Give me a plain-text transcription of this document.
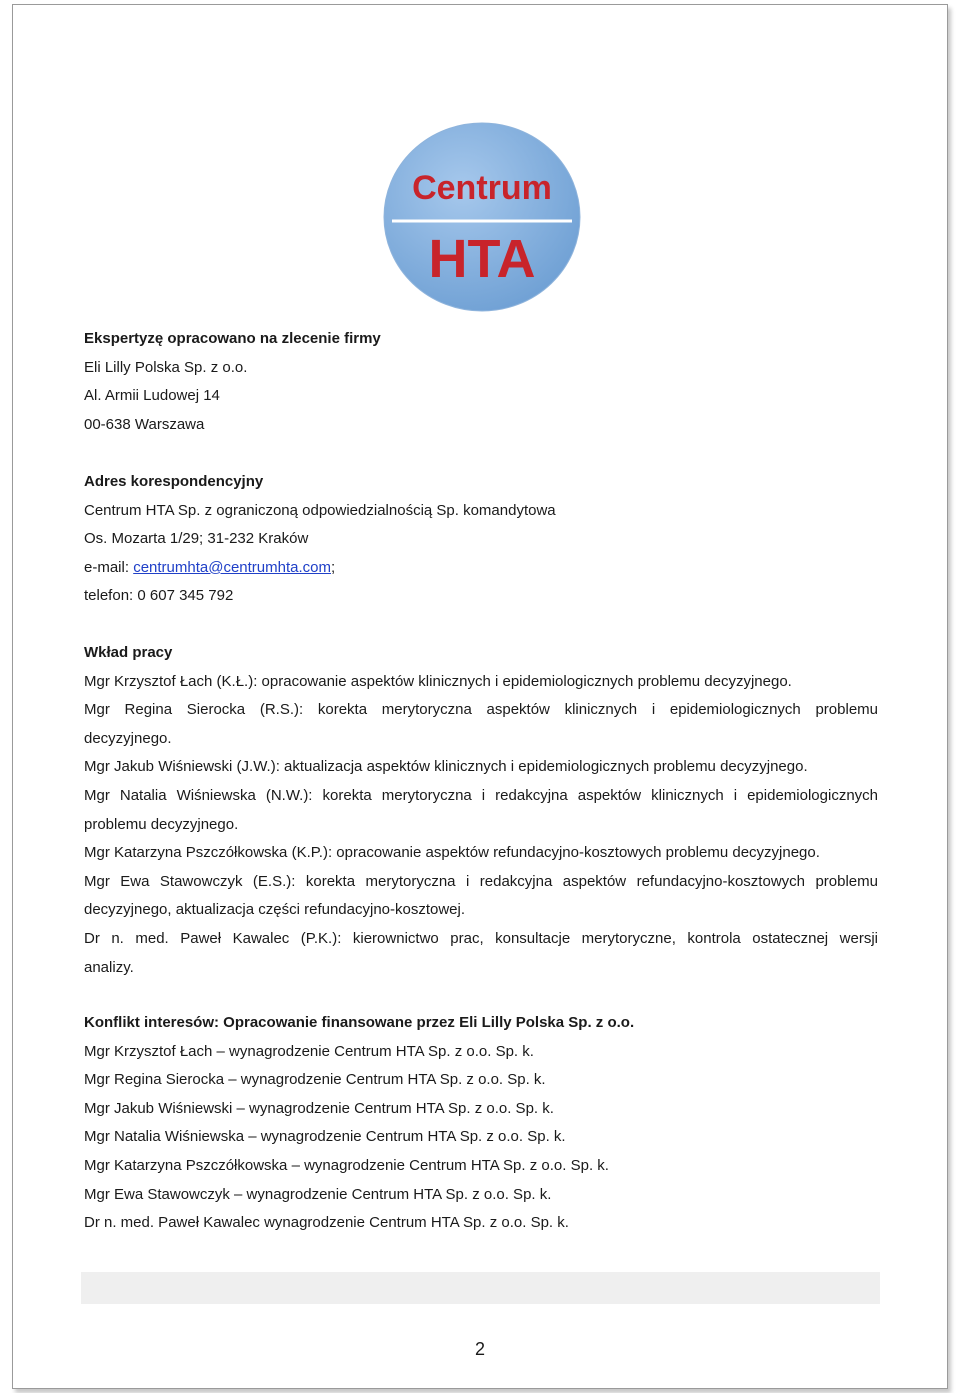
Centrum
HTA
Ekspertyzę opracowano na zlecenie firmy
Eli Lilly Polska Sp. z o.o.
Al. Armii Ludowej 14
00-638 Warszawa
Adres korespondencyjny
Centrum HTA Sp. z ograniczoną odpowiedzialnością Sp. komandytowa
Os. Mozarta 1/29; 31-232 Kraków
e-mail: centrumhta@centrumhta.com;
telefon: 0 607 345 792
Wkład pracy
Mgr Krzysztof Łach (K.Ł.): opracowanie aspektów klinicznych i epidemiologicznych problemu decyzyjnego.
Mgr Regina Sierocka (R.S.): korekta merytoryczna aspektów klinicznych i epidemiologicznych problemu
decyzyjnego.
Mgr Jakub Wiśniewski (J.W.): aktualizacja aspektów klinicznych i epidemiologicznych problemu decyzyjnego.
Mgr Natalia Wiśniewska (N.W.): korekta merytoryczna i redakcyjna aspektów klinicznych i epidemiologicznych
problemu decyzyjnego.
Mgr Katarzyna Pszczółkowska (K.P.): opracowanie aspektów refundacyjno-kosztowych problemu decyzyjnego.
Mgr Ewa Stawowczyk (E.S.): korekta merytoryczna i redakcyjna aspektów refundacyjno-kosztowych problemu
decyzyjnego, aktualizacja części refundacyjno-kosztowej.
Dr n. med. Paweł Kawalec (P.K.): kierownictwo prac, konsultacje merytoryczne, kontrola ostatecznej wersji
analizy.
Konflikt interesów: Opracowanie finansowane przez Eli Lilly Polska Sp. z o.o.
Mgr Krzysztof Łach – wynagrodzenie Centrum HTA Sp. z o.o. Sp. k.
Mgr Regina Sierocka – wynagrodzenie Centrum HTA Sp. z o.o. Sp. k.
Mgr Jakub Wiśniewski – wynagrodzenie Centrum HTA Sp. z o.o. Sp. k.
Mgr Natalia Wiśniewska – wynagrodzenie Centrum HTA Sp. z o.o. Sp. k.
Mgr Katarzyna Pszczółkowska – wynagrodzenie Centrum HTA Sp. z o.o. Sp. k.
Mgr Ewa Stawowczyk – wynagrodzenie Centrum HTA Sp. z o.o. Sp. k.
Dr n. med. Paweł Kawalec wynagrodzenie Centrum HTA Sp. z o.o. Sp. k.
2
